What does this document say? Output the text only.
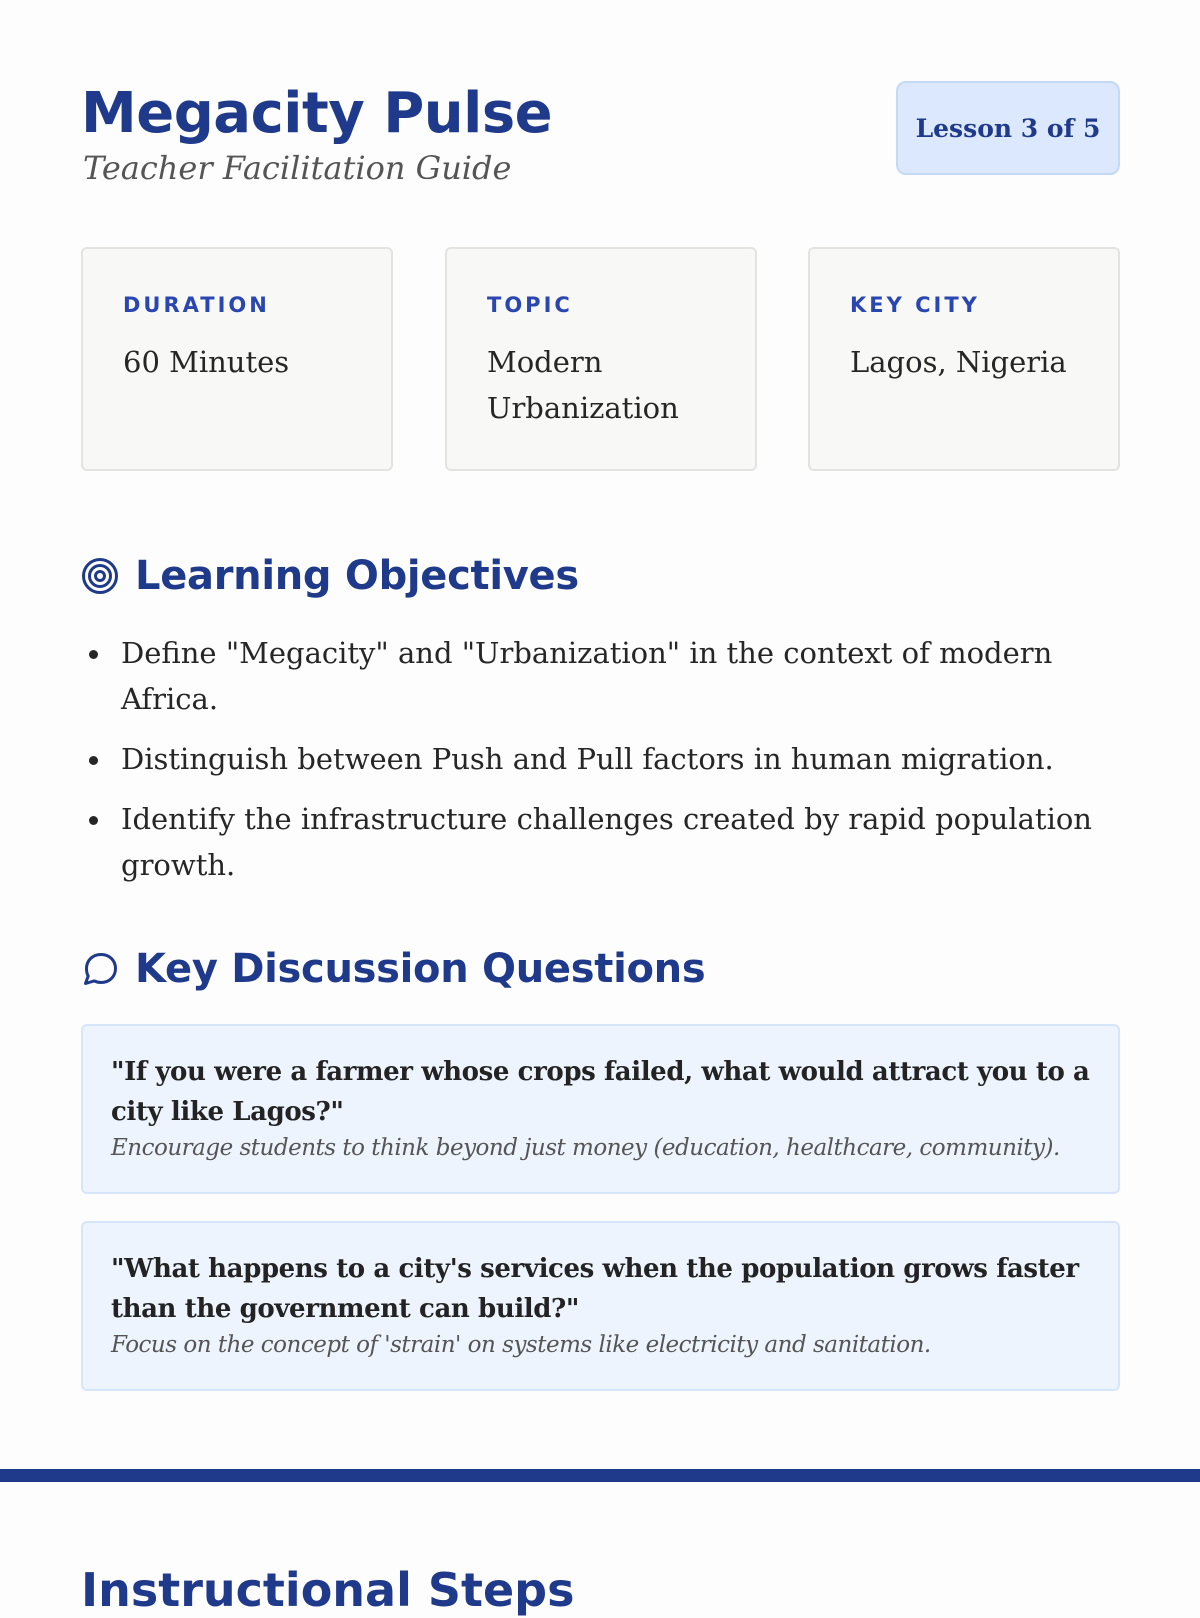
Megacity Pulse

Teacher Facilitation Guide

Lesson 3 of 5
DURATION
60 Minutes
TOPIC
Modern Urbanization
KEY CITY
Lagos, Nigeria
Learning Objectives
Define "Megacity" and "Urbanization" in the context of modern Africa.
Distinguish between Push and Pull factors in human migration.
Identify the infrastructure challenges created by rapid population growth.
Key Discussion Questions
"If you were a farmer whose crops failed, what would attract you to a city like Lagos?"
Encourage students to think beyond just money (education, healthcare, community).
"What happens to a city's services when the population grows faster than the government can build?"
Focus on the concept of 'strain' on systems like electricity and sanitation.
Instructional Steps
